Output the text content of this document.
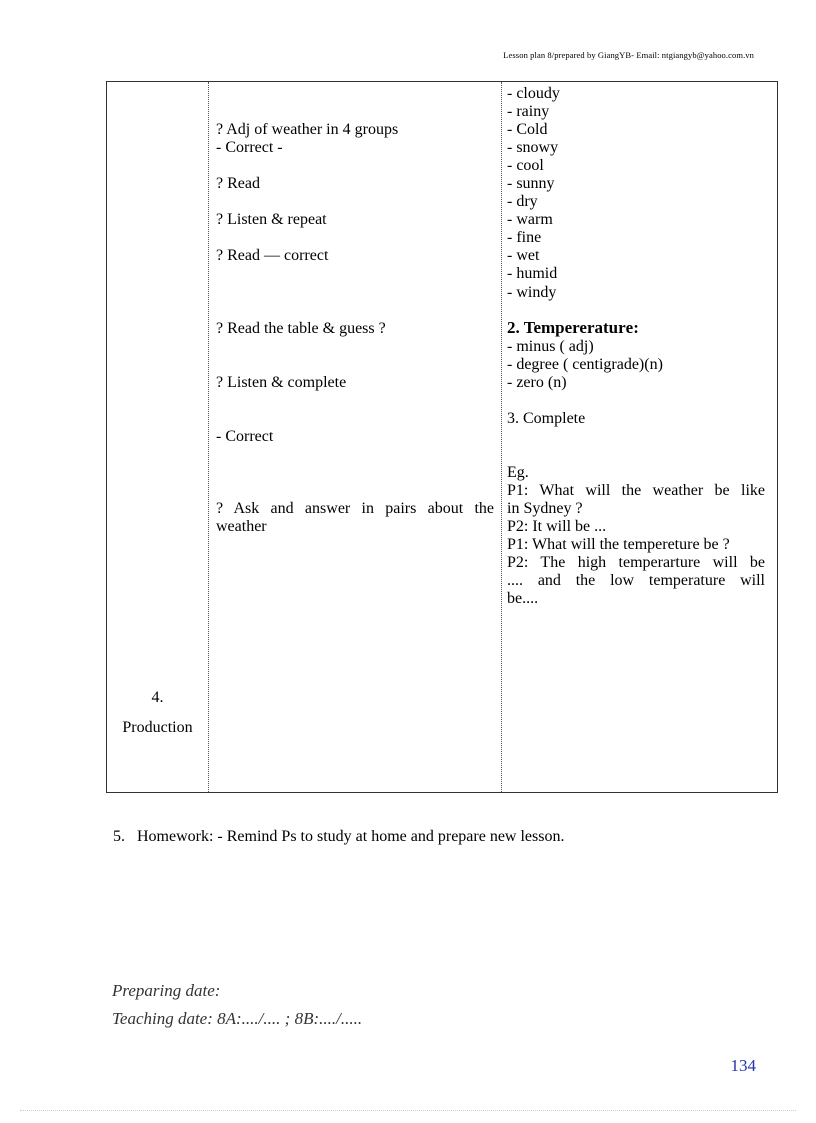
Lesson plan 8/prepared by GiangYB- Email: ntgiangyb@yahoo.com.vn
4.
Production
? Adj of weather in 4 groups
- Correct -
? Read
? Listen & repeat
? Read — correct
? Read the table & guess ?
? Listen & complete
- Correct
? Ask and answer in pairs about the
weather
- cloudy
- rainy
- Cold
- snowy
- cool
- sunny
- dry
- warm
- fine
- wet
- humid
- windy
2. Tempereraturе:
- minus ( adj)
- degree ( centigrade)(n)
- zero (n)
3. Complete
Eg.
P1: What will the weather be like
in Sydney ?
P2: It will be ...
P1: What will the tempereture be ?
P2: The high temperarture will be
.... and the low temperature will
be....
5. Homework: - Remind Ps to study at home and prepare new lesson.
Preparing date:
Teaching date: 8A:..../.... ; 8B:..../.....
134
